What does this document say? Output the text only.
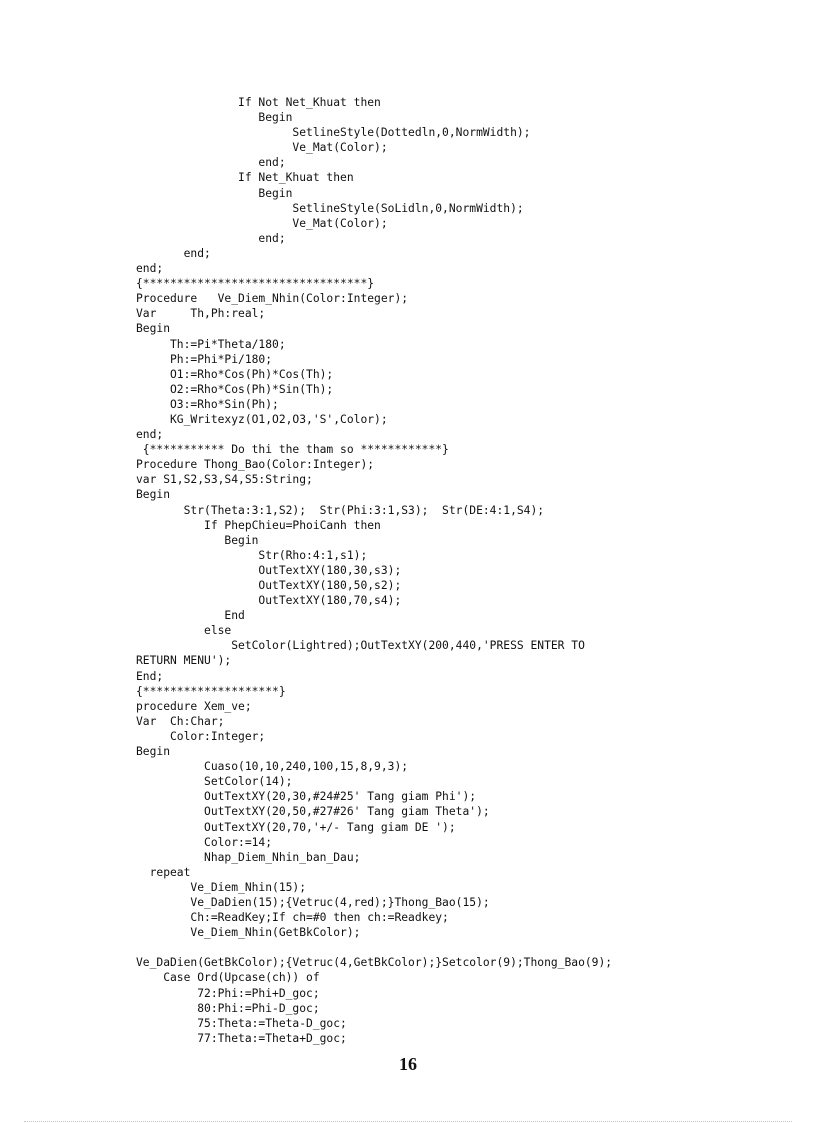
If Not Net_Khuat then
Begin
SetlineStyle(Dottedln,0,NormWidth);
Ve_Mat(Color);
end;
If Net_Khuat then
Begin
SetlineStyle(SoLidln,0,NormWidth);
Ve_Mat(Color);
end;
end;
end;
{*********************************}
Procedure   Ve_Diem_Nhin(Color:Integer);
Var     Th,Ph:real;
Begin
Th:=Pi*Theta/180;
Ph:=Phi*Pi/180;
O1:=Rho*Cos(Ph)*Cos(Th);
O2:=Rho*Cos(Ph)*Sin(Th);
O3:=Rho*Sin(Ph);
KG_Writexyz(O1,O2,O3,'S',Color);
end;
{*********** Do thi the tham so ************}
Procedure Thong_Bao(Color:Integer);
var S1,S2,S3,S4,S5:String;
Begin
Str(Theta:3:1,S2);  Str(Phi:3:1,S3);  Str(DE:4:1,S4);
If PhepChieu=PhoiCanh then
Begin
Str(Rho:4:1,s1);
OutTextXY(180,30,s3);
OutTextXY(180,50,s2);
OutTextXY(180,70,s4);
End
else
SetColor(Lightred);OutTextXY(200,440,'PRESS ENTER TO
RETURN MENU');
End;
{********************}
procedure Xem_ve;
Var  Ch:Char;
Color:Integer;
Begin
Cuaso(10,10,240,100,15,8,9,3);
SetColor(14);
OutTextXY(20,30,#24#25' Tang giam Phi');
OutTextXY(20,50,#27#26' Tang giam Theta');
OutTextXY(20,70,'+/- Tang giam DE ');
Color:=14;
Nhap_Diem_Nhin_ban_Dau;
repeat
Ve_Diem_Nhin(15);
Ve_DaDien(15);{Vetruc(4,red);}Thong_Bao(15);
Ch:=ReadKey;If ch=#0 then ch:=Readkey;
Ve_Diem_Nhin(GetBkColor);
Ve_DaDien(GetBkColor);{Vetruc(4,GetBkColor);}Setcolor(9);Thong_Bao(9);
Case Ord(Upcase(ch)) of
72:Phi:=Phi+D_goc;
80:Phi:=Phi-D_goc;
75:Theta:=Theta-D_goc;
77:Theta:=Theta+D_goc;
16
